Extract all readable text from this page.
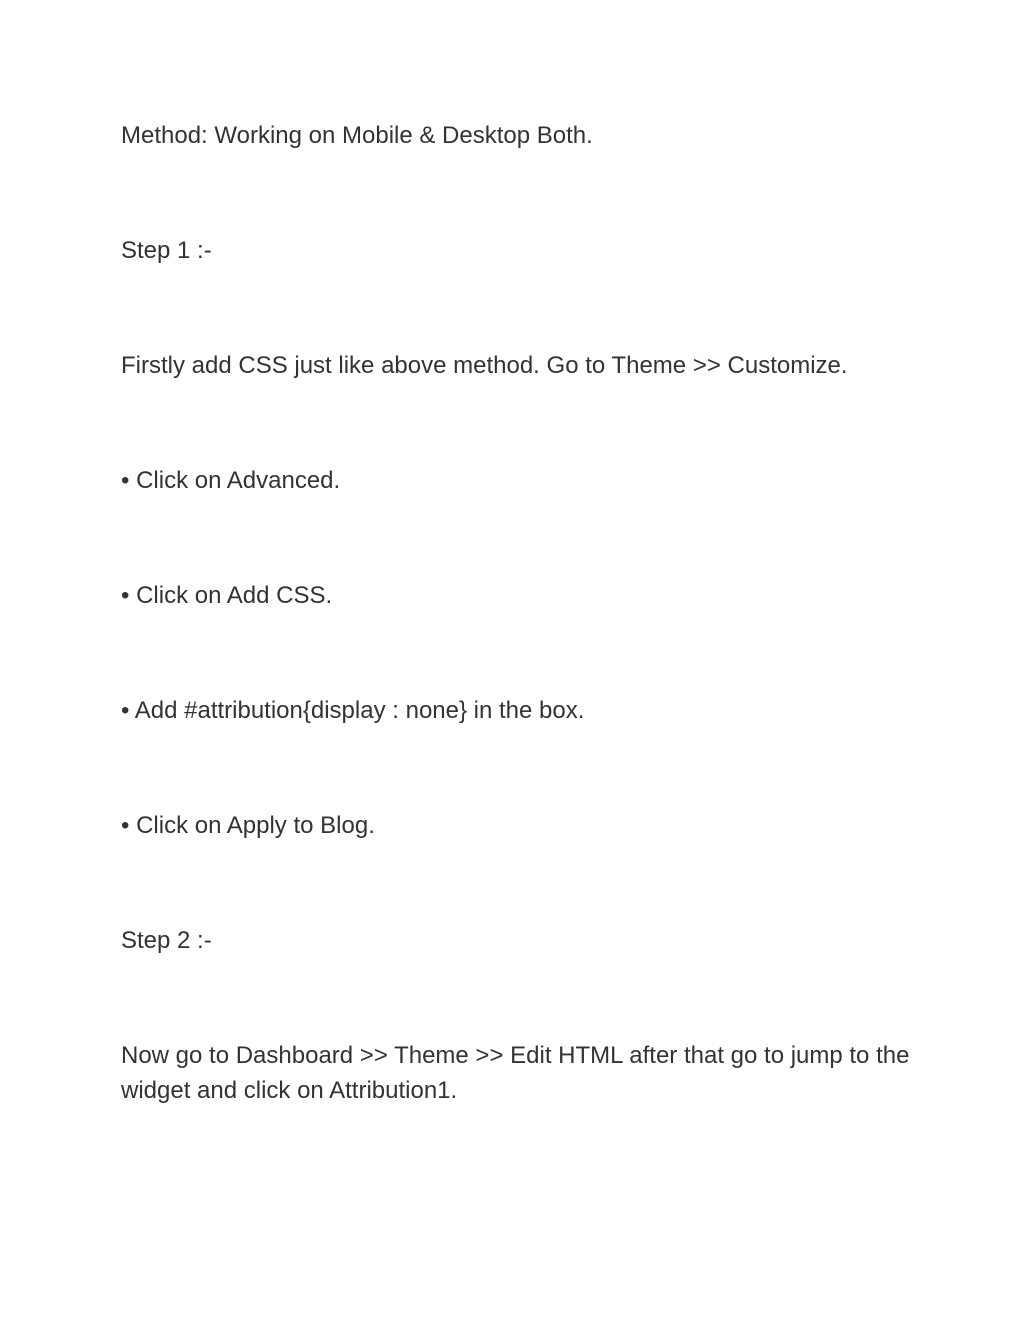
Method: Working on Mobile & Desktop Both.

Step 1 :-

Firstly add CSS just like above method. Go to Theme >> Customize.

• Click on Advanced.

• Click on Add CSS.

• Add #attribution{display : none} in the box.

• Click on Apply to Blog.

Step 2 :-

Now go to Dashboard >> Theme >> Edit HTML after that go to jump to the widget and click on Attribution1.
